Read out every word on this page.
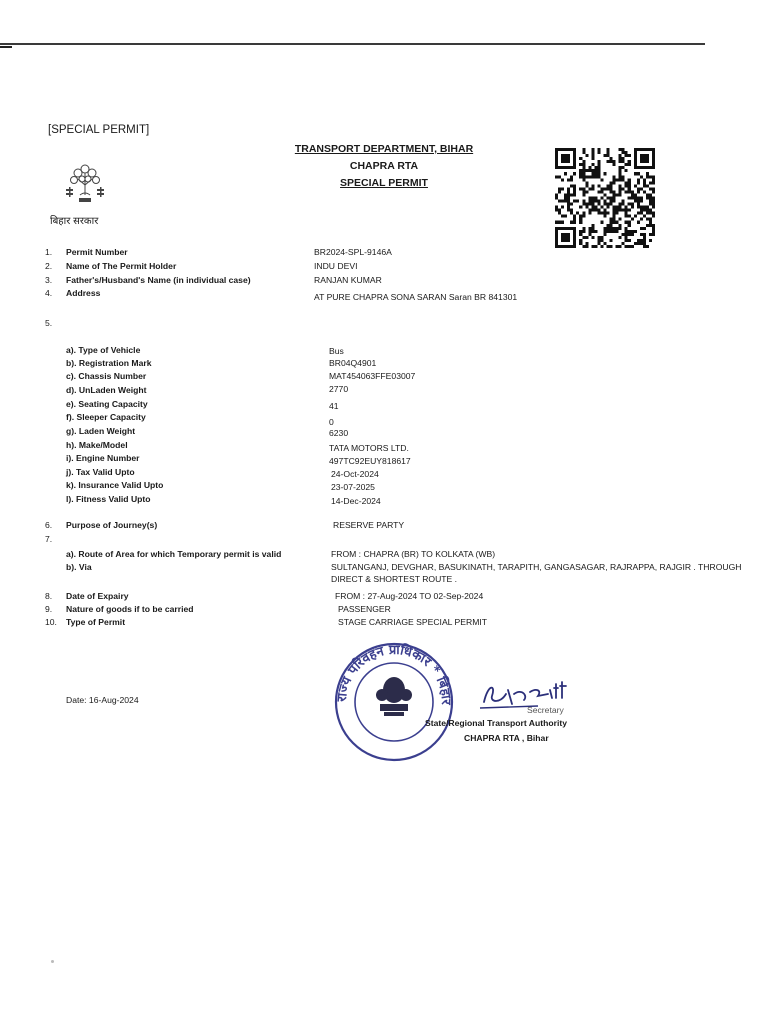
[SPECIAL PERMIT]
TRANSPORT DEPARTMENT, BIHAR
CHAPRA RTA
SPECIAL PERMIT
बिहार सरकार
1.	Permit Number	BR2024-SPL-9146A
2.	Name of The Permit Holder	INDU DEVI
3.	Father's/Husband's Name (in individual case)	RANJAN KUMAR
4.	Address	AT PURE CHAPRA SONA SARAN Saran BR 841301
5.
a). Type of Vehicle	Bus
b). Registration Mark	BR04Q4901
c). Chassis Number	MAT454063FFE03007
d). UnLaden Weight	2770
e). Seating Capacity	41
f). Sleeper Capacity	0
g). Laden Weight	6230
h). Make/Model	TATA MOTORS LTD.
i). Engine Number	497TC92EUY818617
j). Tax Valid Upto	24-Oct-2024
k). Insurance Valid Upto	23-07-2025
l). Fitness Valid Upto	14-Dec-2024
6.	Purpose of Journey(s)	RESERVE PARTY
7.
a). Route of Area for which Temporary permit is valid	FROM : CHAPRA (BR) TO KOLKATA (WB)
b). Via	SULTANGANJ, DEVGHAR, BASUKINATH, TARAPITH, GANGASAGAR, RAJRAPPA, RAJGIR . THROUGH
DIRECT & SHORTEST ROUTE .
8.	Date of Expairy	FROM : 27-Aug-2024 TO 02-Sep-2024
9.	Nature of goods if to be carried	PASSENGER
10.	Type of Permit	STAGE CARRIAGE SPECIAL PERMIT
Date: 16-Aug-2024	राज्य परिवहन प्राधिकार * बिहार
Secretary
State/Regional Transport Authority
CHAPRA RTA , Bihar
